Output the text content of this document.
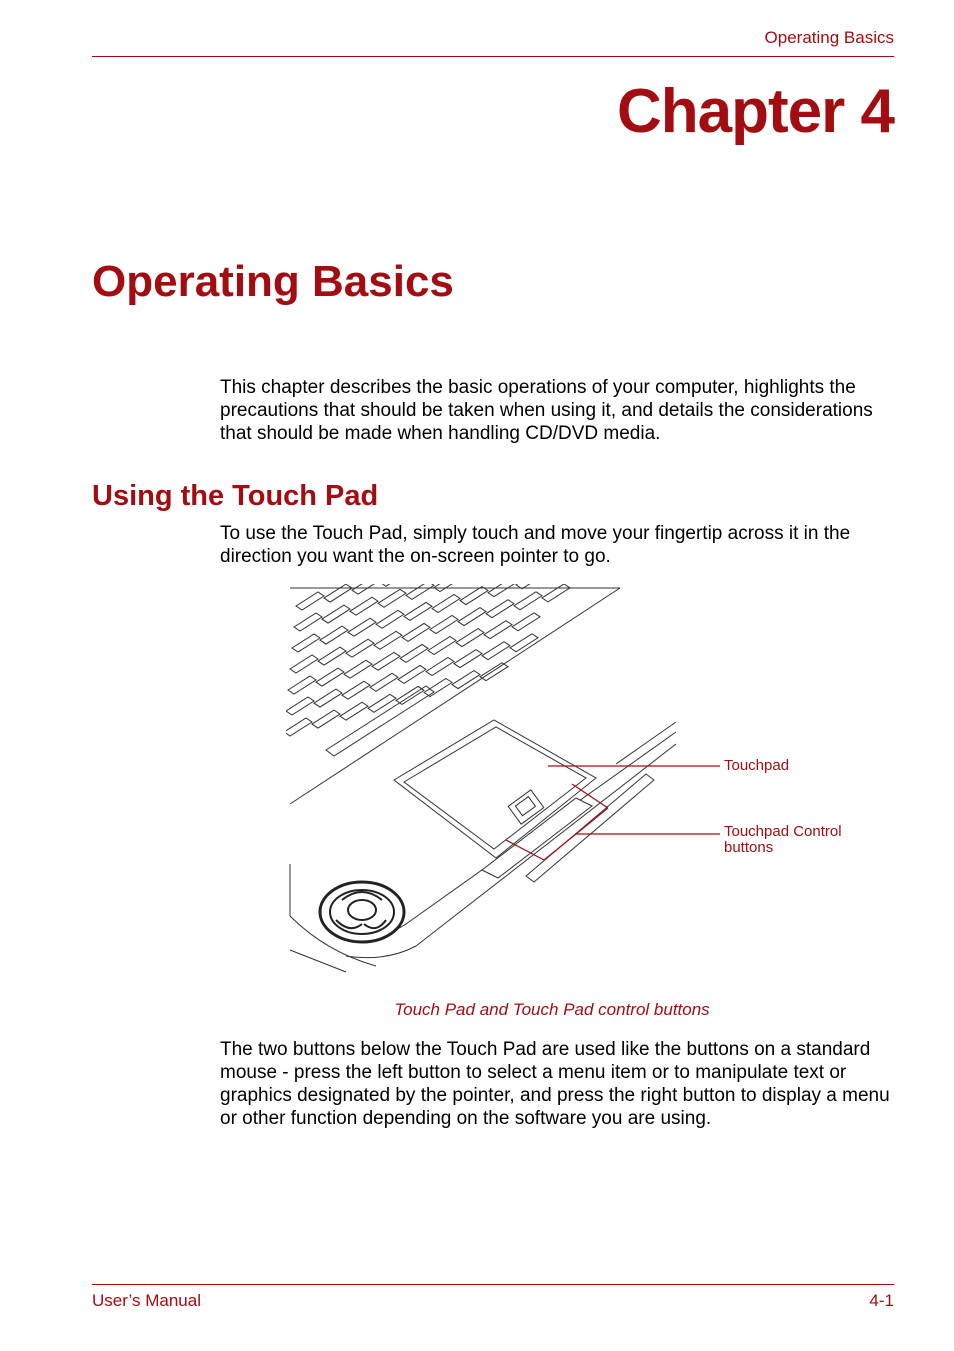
Operating Basics
Chapter 4
Operating Basics

This chapter describes the basic operations of your computer, highlights the precautions that should be taken when using it, and details the considerations that should be made when handling CD/DVD media.

Using the Touch Pad

To use the Touch Pad, simply touch and move your fingertip across it in the direction you want the on-screen pointer to go.

Touchpad
Touchpad Control
buttons
Touch Pad and Touch Pad control buttons

The two buttons below the Touch Pad are used like the buttons on a standard mouse - press the left button to select a menu item or to manipulate text or graphics designated by the pointer, and press the right button to display a menu or other function depending on the software you are using.

User’s Manual	4-1
